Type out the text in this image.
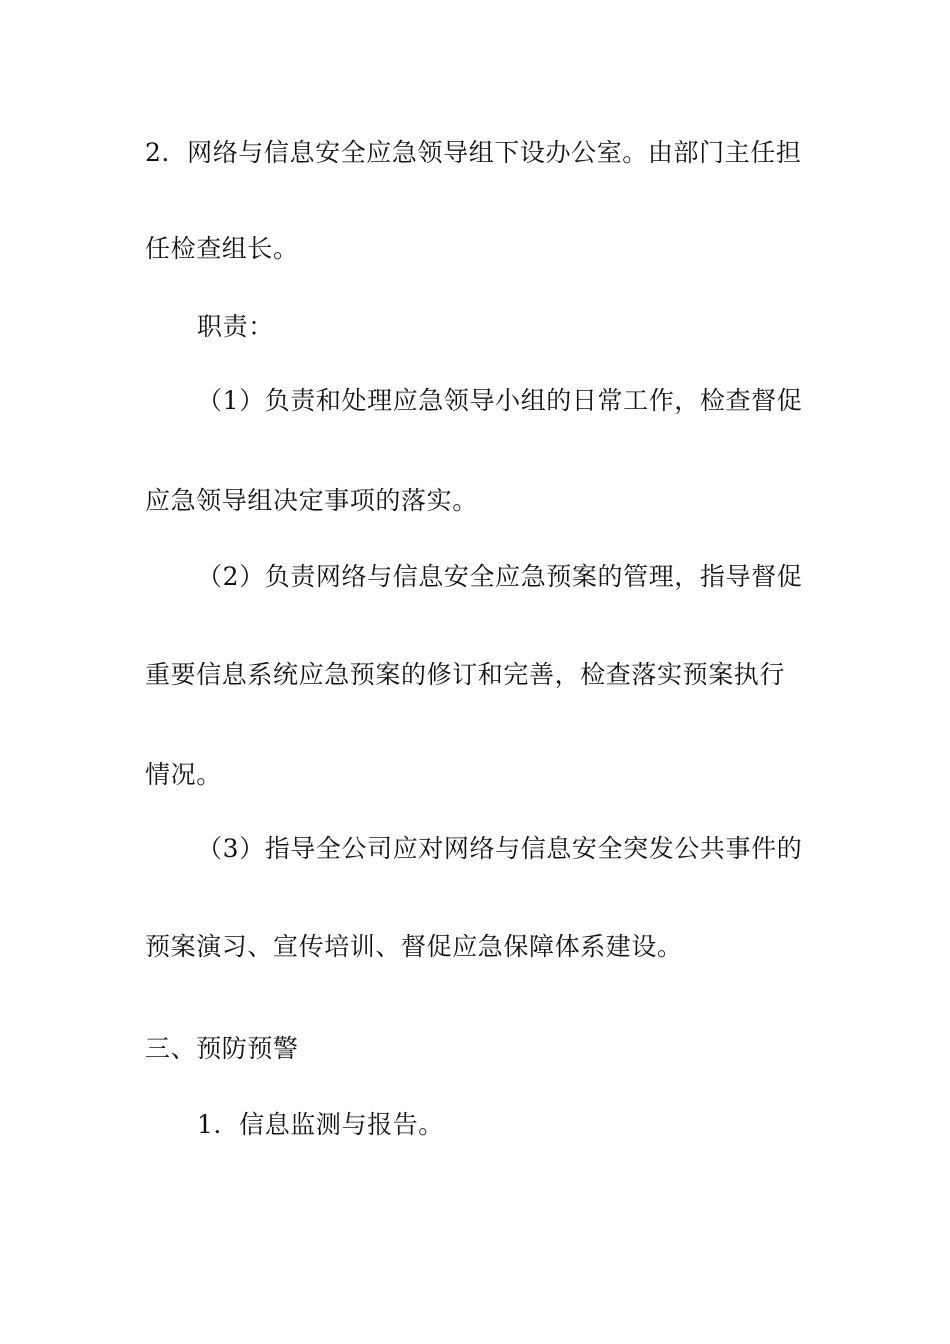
2．网络与信息安全应急领导组下设办公室。由部门主任担
任检查组长。
职责：
（1）负责和处理应急领导小组的日常工作，检查督促
应急领导组决定事项的落实。
（2）负责网络与信息安全应急预案的管理，指导督促
重要信息系统应急预案的修订和完善，检查落实预案执行
情况。
（3）指导全公司应对网络与信息安全突发公共事件的
预案演习、宣传培训、督促应急保障体系建设。
三、预防预警
1．信息监测与报告。
